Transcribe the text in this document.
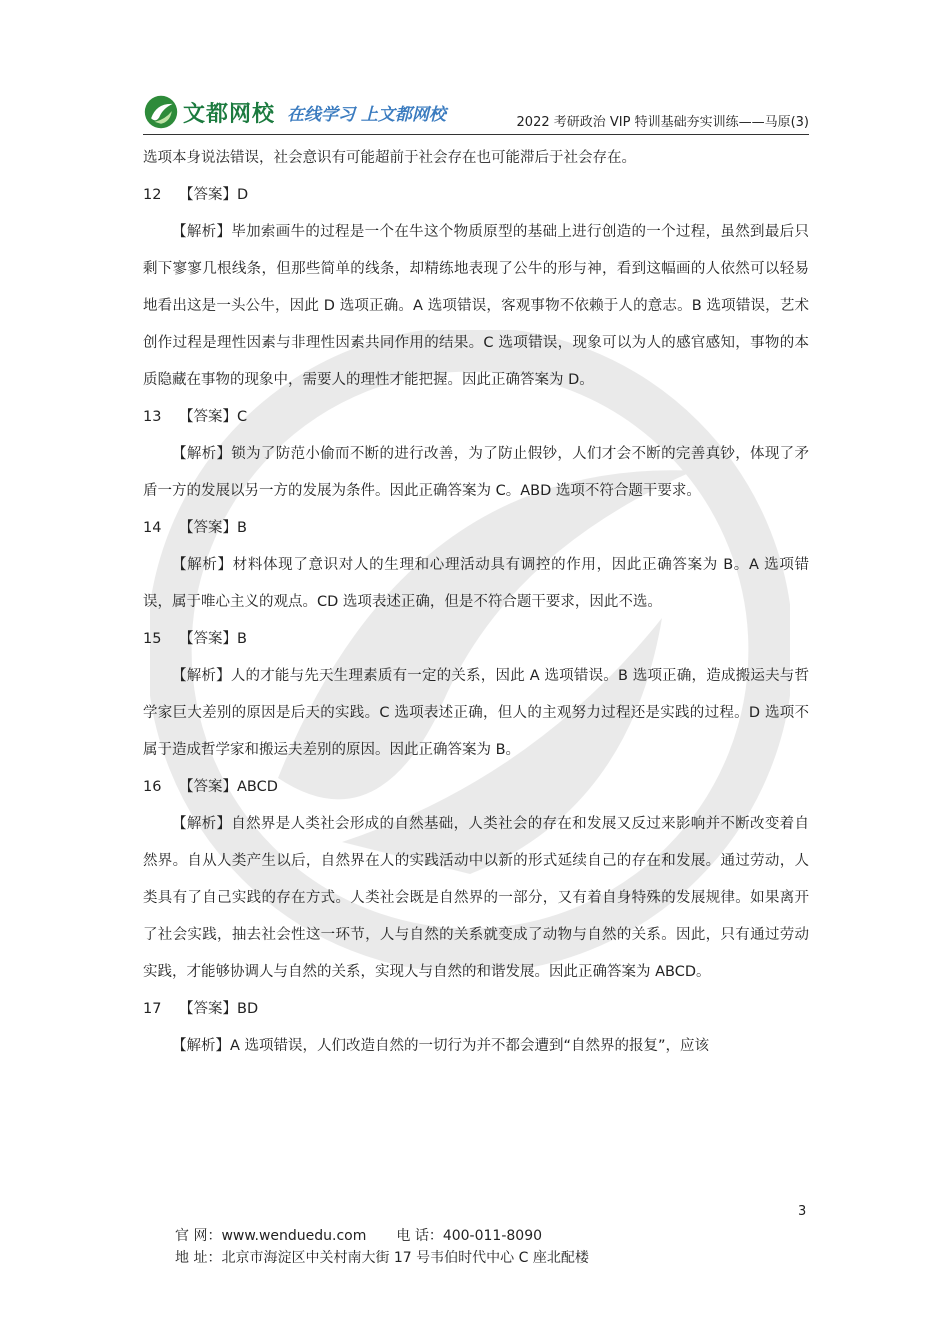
文都网校 在线学习 上文都网校	2022 考研政治 VIP 特训基础夯实训练——马原(3)

选项本身说法错误，社会意识有可能超前于社会存在也可能滞后于社会存在。

12 【答案】D

【解析】毕加索画牛的过程是一个在牛这个物质原型的基础上进行创造的一个过程，虽然到最后只剩下寥寥几根线条，但那些简单的线条，却精练地表现了公牛的形与神，看到这幅画的人依然可以轻易地看出这是一头公牛，因此 D 选项正确。A 选项错误，客观事物不依赖于人的意志。B 选项错误，艺术创作过程是理性因素与非理性因素共同作用的结果。C 选项错误，现象可以为人的感官感知，事物的本质隐藏在事物的现象中，需要人的理性才能把握。因此正确答案为 D。

13 【答案】C

【解析】锁为了防范小偷而不断的进行改善，为了防止假钞，人们才会不断的完善真钞，体现了矛盾一方的发展以另一方的发展为条件。因此正确答案为 C。ABD 选项不符合题干要求。

14 【答案】B

【解析】材料体现了意识对人的生理和心理活动具有调控的作用，因此正确答案为 B。A 选项错误，属于唯心主义的观点。CD 选项表述正确，但是不符合题干要求，因此不选。

15 【答案】B

【解析】人的才能与先天生理素质有一定的关系，因此 A 选项错误。B 选项正确，造成搬运夫与哲学家巨大差别的原因是后天的实践。C 选项表述正确，但人的主观努力过程还是实践的过程。D 选项不属于造成哲学家和搬运夫差别的原因。因此正确答案为 B。

16 【答案】ABCD

【解析】自然界是人类社会形成的自然基础，人类社会的存在和发展又反过来影响并不断改变着自然界。自从人类产生以后，自然界在人的实践活动中以新的形式延续自己的存在和发展。通过劳动，人类具有了自己实践的存在方式。人类社会既是自然界的一部分，又有着自身特殊的发展规律。如果离开了社会实践，抽去社会性这一环节，人与自然的关系就变成了动物与自然的关系。因此，只有通过劳动实践，才能够协调人与自然的关系，实现人与自然的和谐发展。因此正确答案为 ABCD。

17 【答案】BD

【解析】A 选项错误，人们改造自然的一切行为并不都会遭到“自然界的报复”，应该

3
官 网：www.wenduedu.com 电 话：400-011-8090
地 址：北京市海淀区中关村南大街 17 号韦伯时代中心 C 座北配楼
